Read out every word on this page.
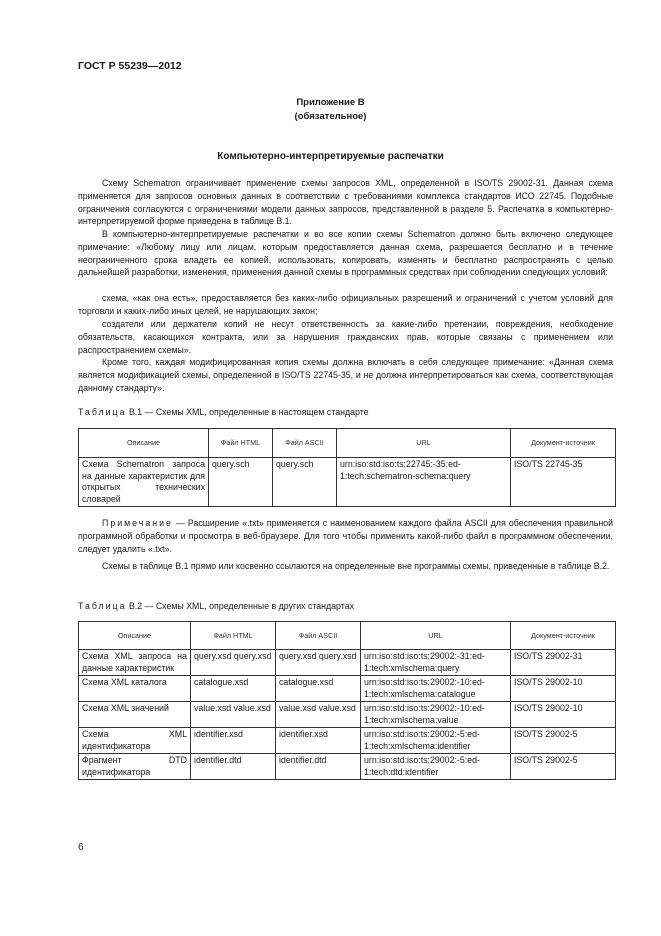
ГОСТ Р 55239—2012
Приложение В
(обязательное)
Компьютерно-интерпретируемые распечатки

Схему Schematron ограничивает применение схемы запросов XML, определенной в ISO/TS 29002-31. Данная схема применяется для запросов основных данных в соответствии с требованиями комплекса стандартов ИСО 22745. Подобные ограничения согласуются с ограничениями модели данных запросов, представленной в разделе 5. Распечатка в компьютерно-интерпретируемой форме приведена в таблице В.1.

В компьютерно-интерпретируемые распечатки и во все копии схемы Schematron должно быть включено следующее примечание: «Любому лицу или лицам, которым предоставляется данная схема, разрешается бесплатно и в течение неограниченного срока владеть ее копией, использовать, копировать, изменять и бесплатно распространять с целью дальнейшей разработки, изменения, применения данной схемы в программных средствах при соблюдении следующих условий:

схема, «как она есть», предоставляется без каких-либо официальных разрешений и ограничений с учетом условий для торговли и каких-либо иных целей, не нарушающих закон;

создатели или держатели копий не несут ответственность за какие-либо претензии, повреждения, необходение обязательств, касающихся контракта, или за нарушения гражданских прав, которые связаны с применением или распространением схемы».

Кроме того, каждая модифицированная копия схемы должна включать в себя следующее примечание: «Данная схема является модификацией схемы, определенной в ISO/TS 22745-35, и не должна интерпретироваться как схема, соответствующая данному стандарту».

Таблица В.1 — Схемы XML, определенные в настоящем стандарте
Описание	Файл HTML	Файл ASCII	URL	Документ-источник
Схема Schematron запроса на данные характеристик для открытых технических словарей	query.sch	query.sch	urn:iso:std:iso:ts:22745:-35:ed-1:tech:schematron-schema:query	ISO/TS 22745-35

Примечание — Расширение «.txt» применяется с наименованием каждого файла ASCII для обеспечения правильной программной обработки и просмотра в веб-браузере. Для того чтобы применить какой-либо файл в программном обеспечении, следует удалить «.txt».

Схемы в таблице В.1 прямо или косвенно ссылаются на определенные вне программы схемы, приведенные в таблице В.2.

Таблица В.2 — Схемы XML, определенные в других стандартах
Описание	Файл HTML	Файл ASCII	URL	Документ-источник
Схема XML запроса на данные характеристик	query.xsd query.xsd	query.xsd query.xsd	urn:iso:std:iso:ts:29002:-31:ed-1:tech:xmlschema:query	ISO/TS 29002-31
Схема XML каталога	catalogue.xsd	catalogue.xsd	urn:iso:std:iso:ts:29002:-10:ed-1:tech:xmlschema:catalogue	ISO/TS 29002-10
Схема XML значений	value.xsd value.xsd	value.xsd value.xsd	urn:iso:std:iso:ts:29002:-10:ed-1:tech:xmlschema:value	ISO/TS 29002-10
Схема XML идентификатора	identifier.xsd	identifier.xsd	urn:iso:std:iso:ts:29002:-5:ed-1:tech:xmlschema:identifier	ISO/TS 29002-5
Фрагмент DTD идентификатора	identifier.dtd	identifier.dtd	urn:iso:std:iso:ts:29002:-5:ed-1:tech:dtd:identifier	ISO/TS 29002-5
6
